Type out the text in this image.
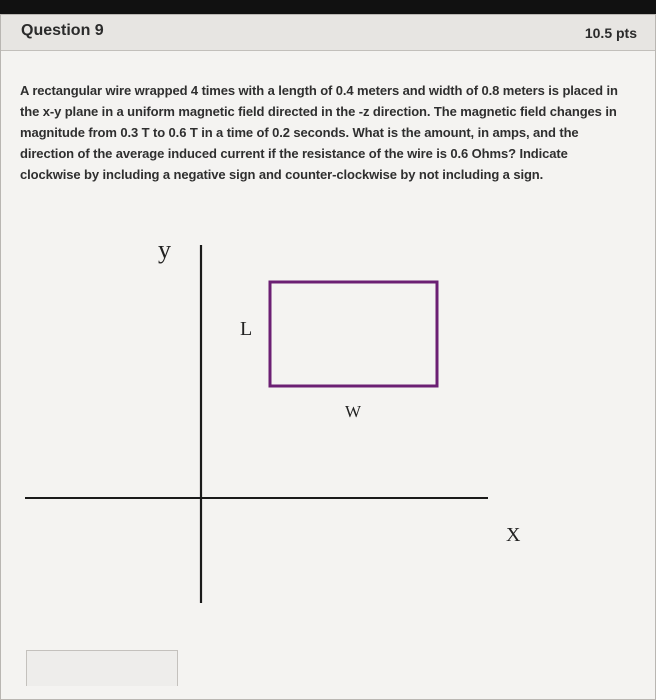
Question 9	10.5 pts
A rectangular wire wrapped 4 times with a length of 0.4 meters and width of 0.8 meters is placed in
the x-y plane in a uniform magnetic field directed in the -z direction. The magnetic field changes in
magnitude from 0.3 T to 0.6 T in a time of 0.2 seconds. What is the amount, in amps, and the
direction of the average induced current if the resistance of the wire is 0.6 Ohms? Indicate
clockwise by including a negative sign and counter-clockwise by not including a sign.
y
X
L
W
